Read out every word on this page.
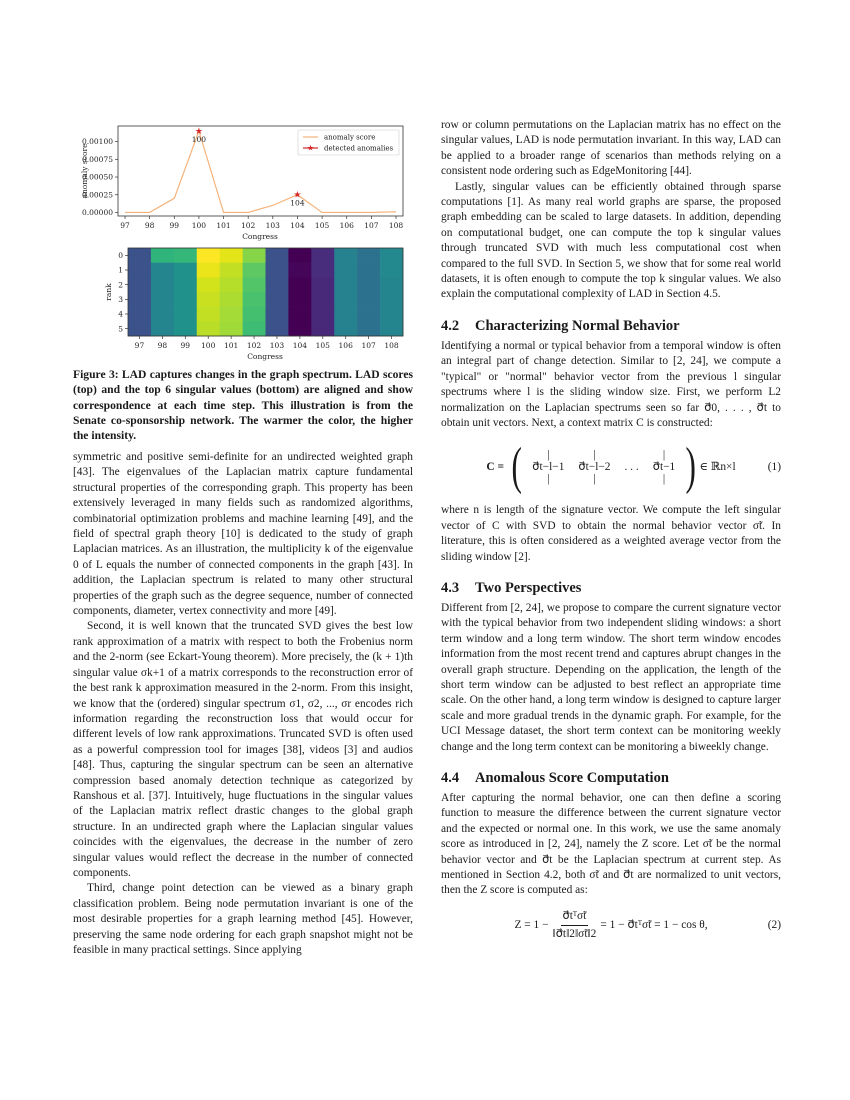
0.00000
0.00025
0.00050
0.00075
0.00100
97 98 99 100 101 102 103 104 105 106 107 108
★
100
★
104
anomaly score
Congress
anomaly score
★ detected anomalies
0
1
2
3
4
5
97 98 99 100 101 102 103 104 105 106 107 108
rank
Congress
Figure 3: LAD captures changes in the graph spectrum. LAD scores (top) and the top 6 singular values (bottom) are aligned and show correspondence at each time step. This illustration is from the Senate co-sponsorship network. The warmer the color, the higher the intensity.

symmetric and positive semi-definite for an undirected weighted graph [43]. The eigenvalues of the Laplacian matrix capture fundamental structural properties of the corresponding graph. This property has been extensively leveraged in many fields such as randomized algorithms, combinatorial optimization problems and machine learning [49], and the field of spectral graph theory [10] is dedicated to the study of graph Laplacian matrices. As an illustration, the multiplicity k of the eigenvalue 0 of L equals the number of connected components in the graph [43]. In addition, the Laplacian spectrum is related to many other structural properties of the graph such as the degree sequence, number of connected components, diameter, vertex connectivity and more [49].

Second, it is well known that the truncated SVD gives the best low rank approximation of a matrix with respect to both the Frobenius norm and the 2-norm (see Eckart-Young theorem). More precisely, the (k + 1)th singular value σk+1 of a matrix corresponds to the reconstruction error of the best rank k approximation measured in the 2-norm. From this insight, we know that the (ordered) singular spectrum σ1, σ2, ..., σr encodes rich information regarding the reconstruction loss that would occur for different levels of low rank approximations. Truncated SVD is often used as a powerful compression tool for images [38], videos [3] and audios [48]. Thus, capturing the singular spectrum can be seen an alternative compression based anomaly detection technique as categorized by Ranshous et al. [37]. Intuitively, huge fluctuations in the singular values of the Laplacian matrix reflect drastic changes to the global graph structure. In an undirected graph where the Laplacian singular values coincides with the eigenvalues, the decrease in the number of zero singular values would reflect the decrease in the number of connected components.

Third, change point detection can be viewed as a binary graph classification problem. Being node permutation invariant is one of the most desirable properties for a graph learning method [45]. However, preserving the same node ordering for each graph snapshot might not be feasible in many practical settings. Since applying

row or column permutations on the Laplacian matrix has no effect on the singular values, LAD is node permutation invariant. In this way, LAD can be applied to a broader range of scenarios than methods relying on a consistent node ordering such as EdgeMonitoring [44].

Lastly, singular values can be efficiently obtained through sparse computations [1]. As many real world graphs are sparse, the proposed graph embedding can be scaled to large datasets. In addition, depending on computational budget, one can compute the top k singular values through truncated SVD with much less computational cost when compared to the full SVD. In Section 5, we show that for some real world datasets, it is often enough to compute the top k singular values. We also explain the computational complexity of LAD in Section 4.5.

4.2 Characterizing Normal Behavior

Identifying a normal or typical behavior from a temporal window is often an integral part of change detection. Similar to [2, 24], we compute a "typical" or "normal" behavior vector from the previous l singular spectrums where l is the sliding window size. First, we perform L2 normalization on the Laplacian spectrums seen so far σ⃗0, . . . , σ⃗t to obtain unit vectors. Next, a context matrix C is constructed:

C = ( |
σ⃗t−l−1
|
|
σ⃗t−l−2
|

. . .

|
σ⃗t−1
| ) ∈ ℝn×l	(1)

where n is length of the signature vector. We compute the left singular vector of C with SVD to obtain the normal behavior vector σ̃t. In literature, this is often considered as a weighted average vector from the sliding window [2].

4.3 Two Perspectives

Different from [2, 24], we propose to compare the current signature vector with the typical behavior from two independent sliding windows: a short term window and a long term window. The short term window encodes information from the most recent trend and captures abrupt changes in the overall graph structure. Depending on the application, the length of the short term window can be adjusted to best reflect an appropriate time scale. On the other hand, a long term window is designed to capture larger scale and more gradual trends in the dynamic graph. For example, for the UCI Message dataset, the short term context can be monitoring weekly change and the long term context can be monitoring a biweekly change.

4.4 Anomalous Score Computation

After capturing the normal behavior, one can then define a scoring function to measure the difference between the current signature vector and the expected or normal one. In this work, we use the same anomaly score as introduced in [2, 24], namely the Z score. Let σ̃t be the normal behavior vector and σ⃗t be the Laplacian spectrum at current step. As mentioned in Section 4.2, both σ̃t and σ⃗t are normalized to unit vectors, then the Z score is computed as:

$Z = 1 - \frac{\text{σ⃗tᵀσ̃t}}{‖\sigma⃗t‖2‖\sigmãt‖2} = 1$ − σ⃗tᵀσ̃t = 1 − cos θ,	(2)
